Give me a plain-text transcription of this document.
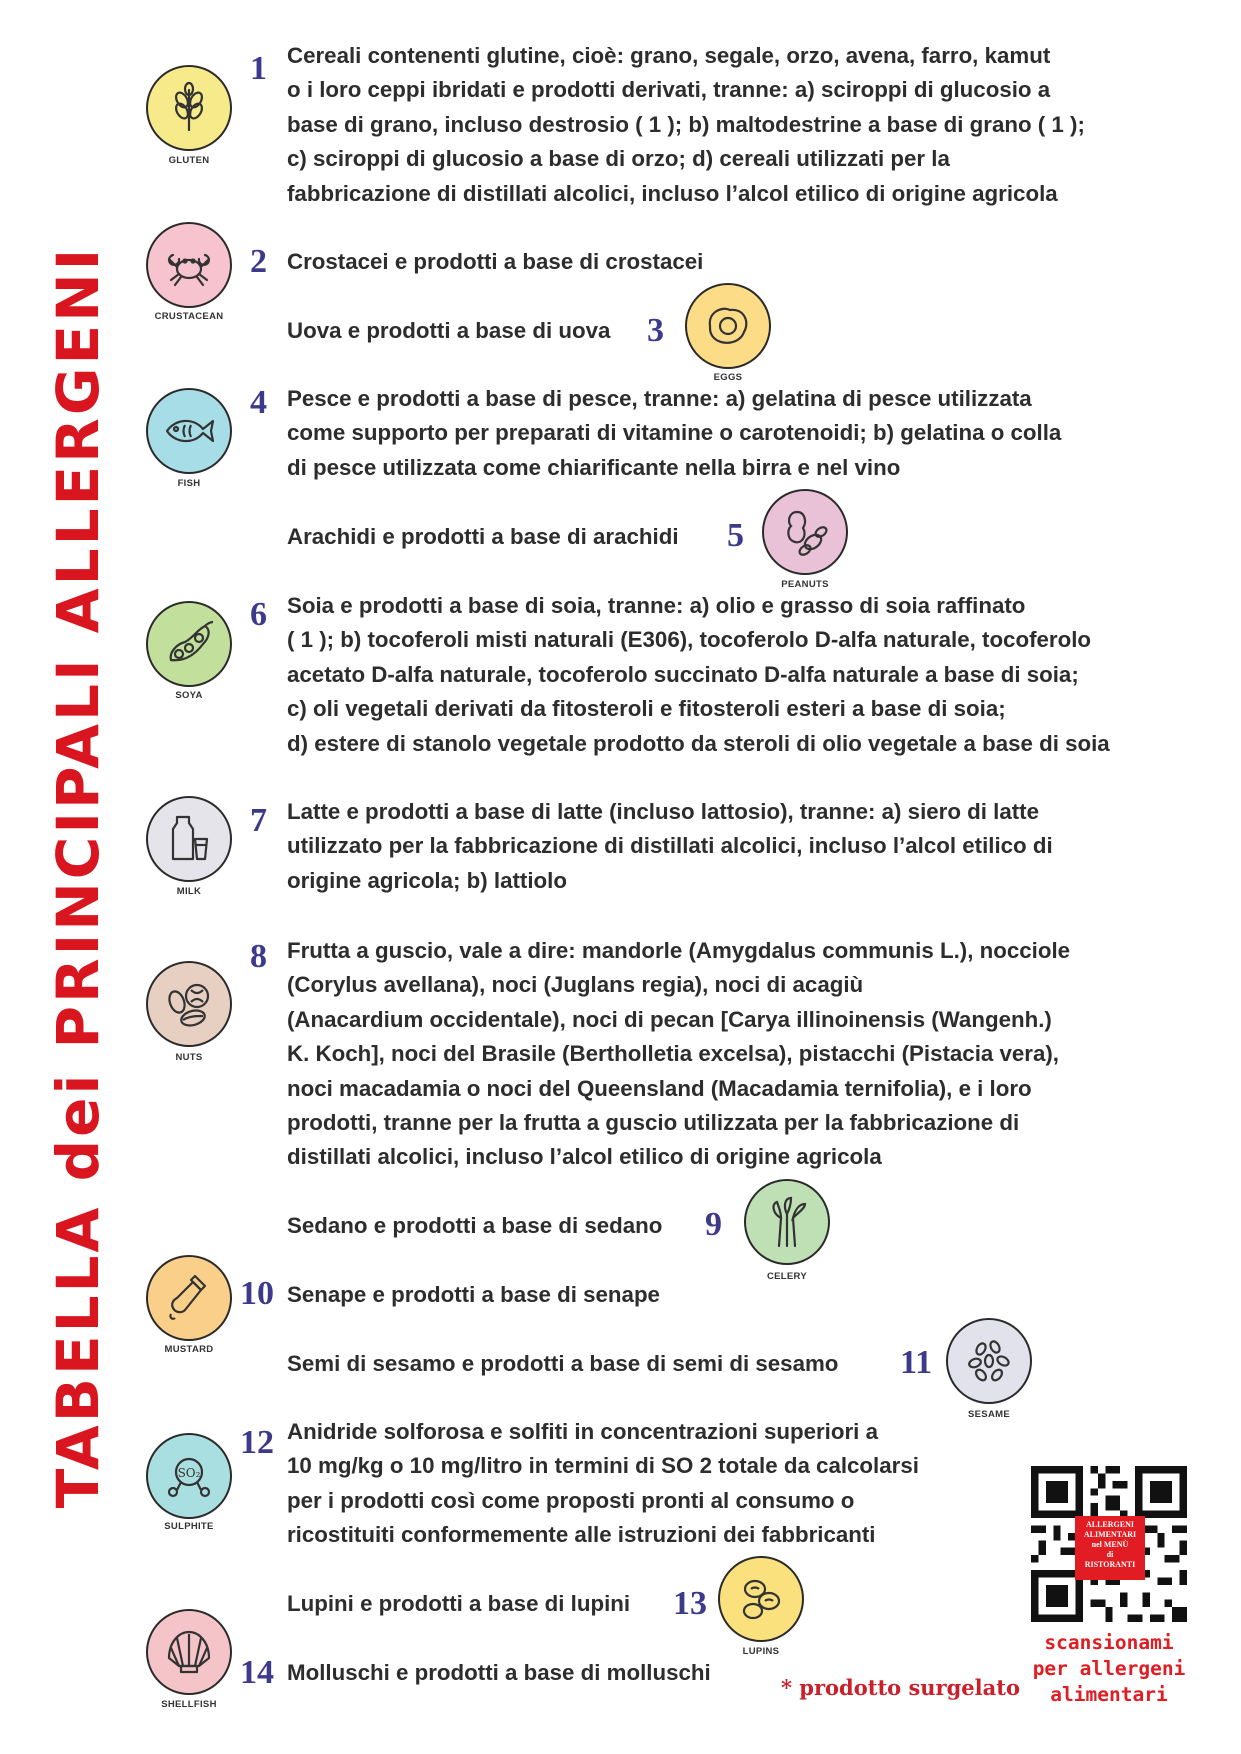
TABELLA dei PRINCIPALI ALLERGENI
1 Cereali contenenti glutine, cioè: grano, segale, orzo, avena, farro, kamut
o i loro ceppi ibridati e prodotti derivati, tranne: a) sciroppi di glucosio a
base di grano, incluso destrosio ( 1 ); b) maltodestrine a base di grano ( 1 );
c) sciroppi di glucosio a base di orzo; d) cereali utilizzati per la
fabbricazione di distillati alcolici, incluso l’alcol etilico di origine agricola
GLUTEN
2 Crostacei e prodotti a base di crostacei
CRUSTACEAN
Uova e prodotti a base di uova 3
EGGS
4 Pesce e prodotti a base di pesce, tranne: a) gelatina di pesce utilizzata
come supporto per preparati di vitamine o carotenoidi; b) gelatina o colla
di pesce utilizzata come chiarificante nella birra e nel vino
FISH
Arachidi e prodotti a base di arachidi 5
PEANUTS
6 Soia e prodotti a base di soia, tranne: a) olio e grasso di soia raffinato
( 1 ); b) tocoferoli misti naturali (E306), tocoferolo D-alfa naturale, tocoferolo
acetato D-alfa naturale, tocoferolo succinato D-alfa naturale a base di soia;
c) oli vegetali derivati da fitosteroli e fitosteroli esteri a base di soia;
d) estere di stanolo vegetale prodotto da steroli di olio vegetale a base di soia
SOYA
7 Latte e prodotti a base di latte (incluso lattosio), tranne: a) siero di latte
utilizzato per la fabbricazione di distillati alcolici, incluso l’alcol etilico di
origine agricola; b) lattiolo
MILK
8 Frutta a guscio, vale a dire: mandorle (Amygdalus communis L.), nocciole
(Corylus avellana), noci (Juglans regia), noci di acagiù
(Anacardium occidentale), noci di pecan [Carya illinoinensis (Wangenh.)
K. Koch], noci del Brasile (Bertholletia excelsa), pistacchi (Pistacia vera),
noci macadamia o noci del Queensland (Macadamia ternifolia), e i loro
prodotti, tranne per la frutta a guscio utilizzata per la fabbricazione di
distillati alcolici, incluso l’alcol etilico di origine agricola
NUTS
Sedano e prodotti a base di sedano 9
CELERY
10 Senape e prodotti a base di senape
MUSTARD
Semi di sesamo e prodotti a base di semi di sesamo 11
SESAME
12 Anidride solforosa e solfiti in concentrazioni superiori a
10 mg/kg o 10 mg/litro in termini di SO 2 totale da calcolarsi
per i prodotti così come proposti pronti al consumo o
ricostituiti conformemente alle istruzioni dei fabbricanti
SO₂
SULPHITE
Lupini e prodotti a base di lupini 13
LUPINS
14 Molluschi e prodotti a base di molluschi
SHELLFISH
* prodotto surgelato
ALLERGENI
ALIMENTARI
nel MENÙ
di
RISTORANTI
scansionami
per allergeni
alimentari
